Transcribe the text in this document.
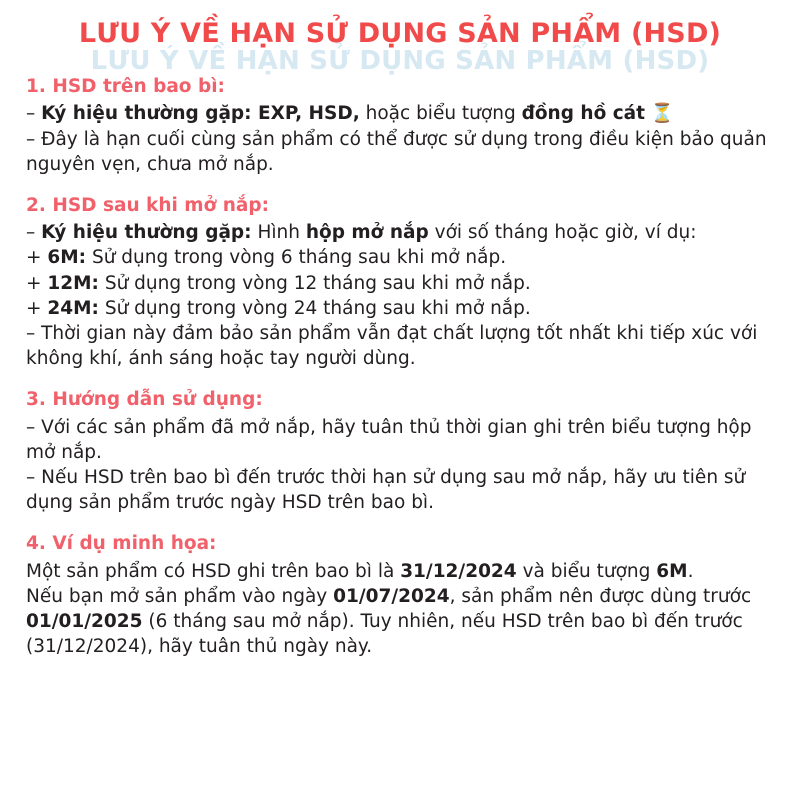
LƯU Ý VỀ HẠN SỬ DỤNG SẢN PHẨM (HSD)
LƯU Ý VỀ HẠN SỬ DỤNG SẢN PHẨM (HSD)
1. HSD trên bao bì:
– Ký hiệu thường gặp: EXP, HSD, hoặc biểu tượng đồng hồ cát ⏳
– Đây là hạn cuối cùng sản phẩm có thể được sử dụng trong điều kiện bảo quản nguyên vẹn, chưa mở nắp.
2. HSD sau khi mở nắp:
– Ký hiệu thường gặp: Hình hộp mở nắp với số tháng hoặc giờ, ví dụ:
+ 6M: Sử dụng trong vòng 6 tháng sau khi mở nắp.
+ 12M: Sử dụng trong vòng 12 tháng sau khi mở nắp.
+ 24M: Sử dụng trong vòng 24 tháng sau khi mở nắp.
– Thời gian này đảm bảo sản phẩm vẫn đạt chất lượng tốt nhất khi tiếp xúc với không khí, ánh sáng hoặc tay người dùng.
3. Hướng dẫn sử dụng:
– Với các sản phẩm đã mở nắp, hãy tuân thủ thời gian ghi trên biểu tượng hộp mở nắp.
– Nếu HSD trên bao bì đến trước thời hạn sử dụng sau mở nắp, hãy ưu tiên sử dụng sản phẩm trước ngày HSD trên bao bì.
4. Ví dụ minh họa:
Một sản phẩm có HSD ghi trên bao bì là 31/12/2024 và biểu tượng 6M.
Nếu bạn mở sản phẩm vào ngày 01/07/2024, sản phẩm nên được dùng trước 01/01/2025 (6 tháng sau mở nắp). Tuy nhiên, nếu HSD trên bao bì đến trước (31/12/2024), hãy tuân thủ ngày này.
